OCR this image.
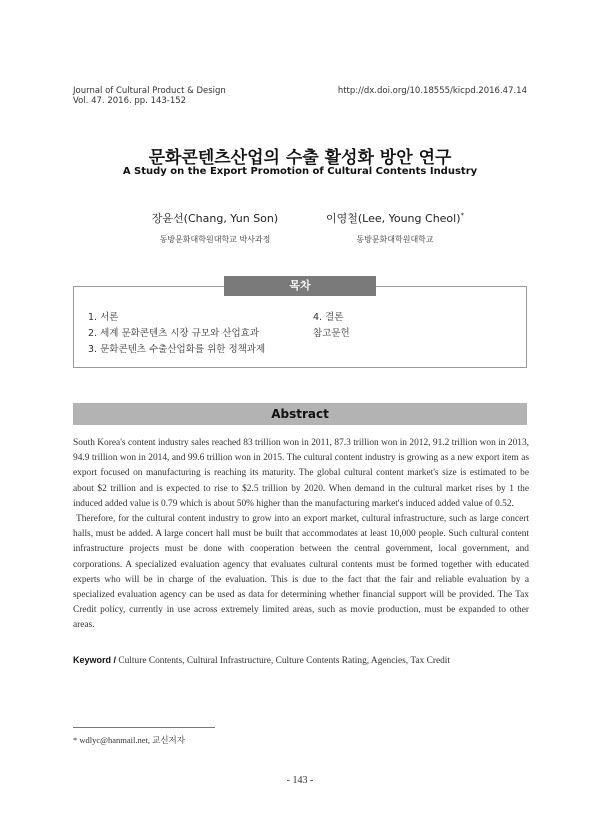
Journal of Cultural Product & Design
Vol. 47. 2016. pp. 143-152
http://dx.doi.org/10.18555/kicpd.2016.47.14
문화콘텐츠산업의 수출 활성화 방안 연구
A Study on the Export Promotion of Cultural Contents Industry
장윤선(Chang, Yun Son)
동방문화대학원대학교 박사과정
이영철(Lee, Young Cheol)*
동방문화대학원대학교
목차
1. 서론
2. 세계 문화콘텐츠 시장 규모와 산업효과
3. 문화콘텐츠 수출산업화를 위한 정책과제
4. 결론
참고문헌
Abstract

South Korea's content industry sales reached 83 trillion won in 2011, 87.3 trillion won in 2012, 91.2 trillion won in 2013, 94.9 trillion won in 2014, and 99.6 trillion won in 2015. The cultural content industry is growing as a new export item as export focused on manufacturing is reaching its maturity. The global cultural content market's size is estimated to be about $2 trillion and is expected to rise to $2.5 trillion by 2020. When demand in the cultural market rises by 1 the induced added value is 0.79 which is about 50% higher than the manufacturing market's induced added value of 0.52.

Therefore, for the cultural content industry to grow into an export market, cultural infrastructure, such as large concert halls, must be added. A large concert hall must be built that accommodates at least 10,000 people. Such cultural content infrastructure projects must be done with cooperation between the central government, local government, and corporations. A specialized evaluation agency that evaluates cultural contents must be formed together with educated experts who will be in charge of the evaluation. This is due to the fact that the fair and reliable evaluation by a specialized evaluation agency can be used as data for determining whether financial support will be provided. The Tax Credit policy, currently in use across extremely limited areas, such as movie production, must be expanded to other areas.

Keyword / Culture Contents, Cultural Infrastructure, Culture Contents Rating, Agencies, Tax Credit
* wdlyc@hanmail.net, 교신저자
- 143 -
